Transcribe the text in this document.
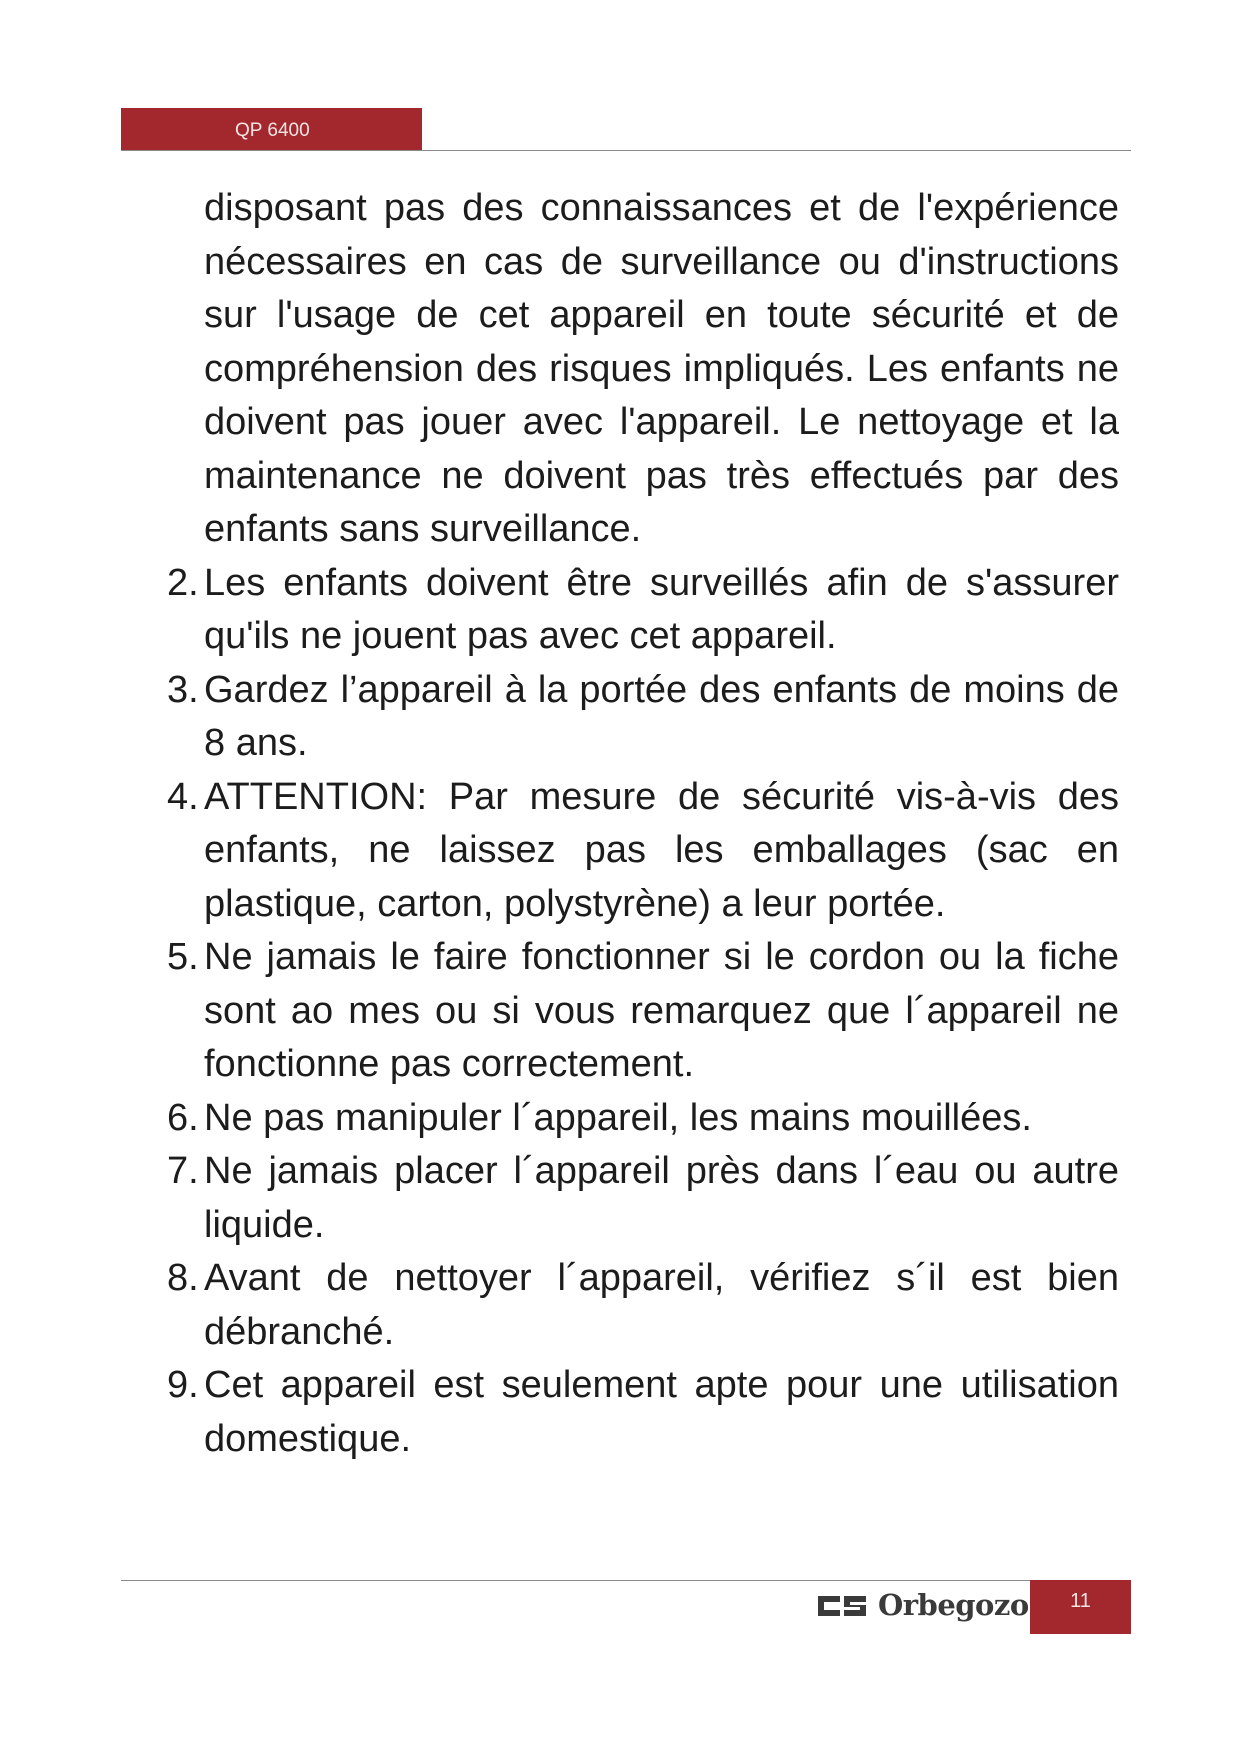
QP 6400

disposant pas des connaissances et de l'expérience nécessaires en cas de surveillance ou d'instructions sur l'usage de cet appareil en toute sécurité et de compréhension des risques impliqués. Les enfants ne doivent pas jouer avec l'appareil. Le nettoyage et la maintenance ne doivent pas très effectués par des enfants sans surveillance.

2. Les enfants doivent être surveillés afin de s'assurer qu'ils ne jouent pas avec cet appareil.
3. Gardez l’appareil à la portée des enfants de moins de 8 ans.
4. ATTENTION: Par mesure de sécurité vis-à-vis des enfants, ne laissez pas les emballages (sac en plastique, carton, polystyrène) a leur portée.
5. Ne jamais le faire fonctionner si le cordon ou la fiche sont ao mes ou si vous remarquez que l´appareil ne fonctionne pas correctement.
6. Ne pas manipuler l´appareil, les mains mouillées.
7. Ne jamais placer l´appareil près dans l´eau ou autre liquide.
8. Avant de nettoyer l´appareil, vérifiez s´il est bien débranché.
9. Cet appareil est seulement apte pour une utilisation domestique.
Orbegozo 11
